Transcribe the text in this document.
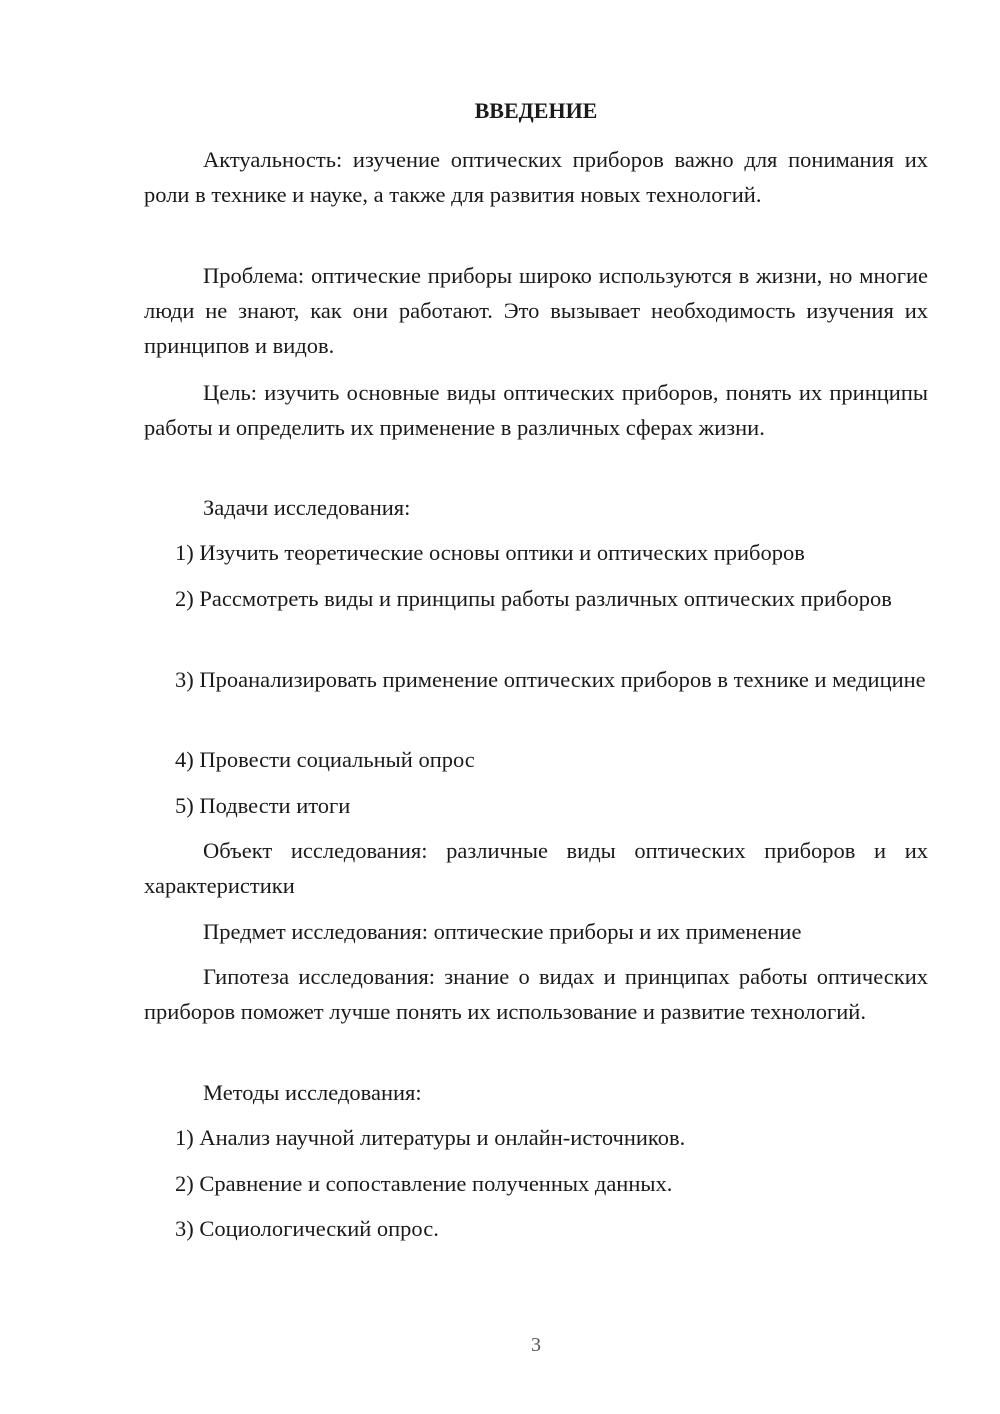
ВВЕДЕНИЕ

Актуальность: изучение оптических приборов важно для понимания их роли в технике и науке, а также для развития новых технологий.

Проблема: оптические приборы широко используются в жизни, но многие люди не знают, как они работают. Это вызывает необходимость изучения их принципов и видов.

Цель: изучить основные виды оптических приборов, понять их принципы работы и определить их применение в различных сферах жизни.

Задачи исследования:

1) Изучить теоретические основы оптики и оптических приборов

2) Рассмотреть виды и принципы работы различных оптических приборов

3) Проанализировать применение оптических приборов в технике и медицине

4) Провести социальный опрос

5) Подвести итоги

Объект исследования: различные виды оптических приборов и их характеристики

Предмет исследования: оптические приборы и их применение

Гипотеза исследования: знание о видах и принципах работы оптических приборов поможет лучше понять их использование и развитие технологий.

Методы исследования:

1) Анализ научной литературы и онлайн-источников.

2) Сравнение и сопоставление полученных данных.

3) Социологический опрос.

3
